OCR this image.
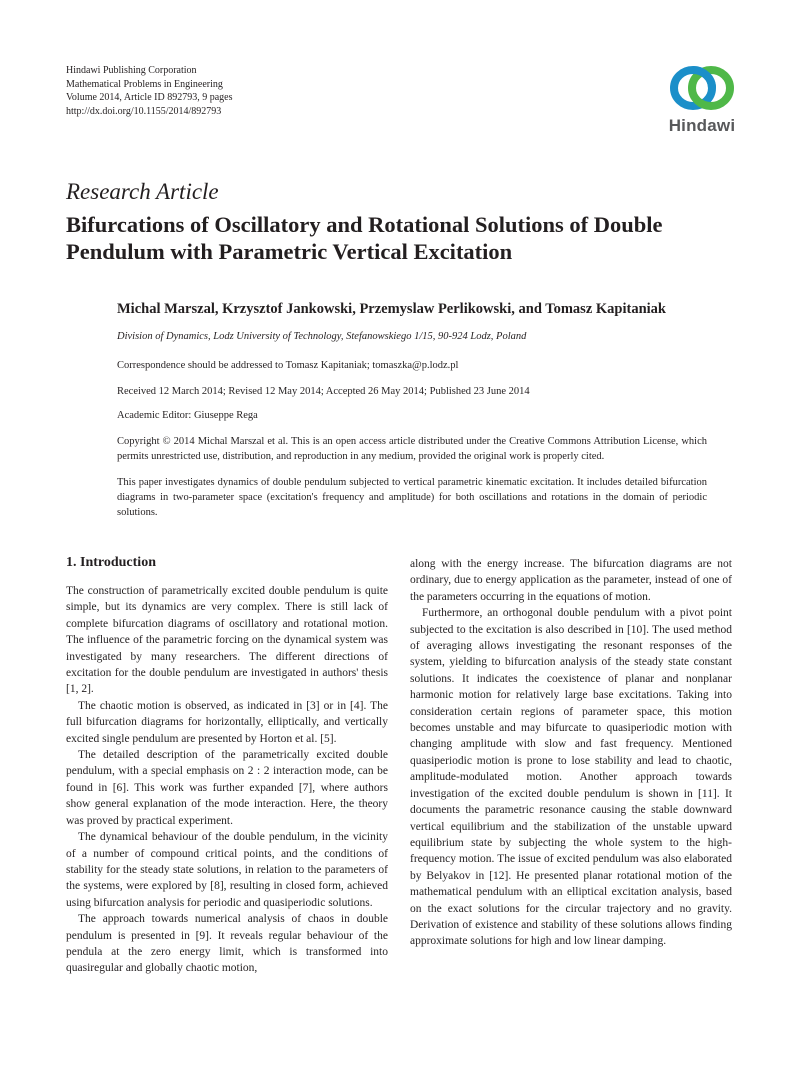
Hindawi Publishing Corporation
Mathematical Problems in Engineering
Volume 2014, Article ID 892793, 9 pages
http://dx.doi.org/10.1155/2014/892793
Hindawi
Research Article
Bifurcations of Oscillatory and Rotational Solutions of Double Pendulum with Parametric Vertical Excitation
Michal Marszal, Krzysztof Jankowski, Przemyslaw Perlikowski, and Tomasz Kapitaniak
Division of Dynamics, Lodz University of Technology, Stefanowskiego 1/15, 90-924 Lodz, Poland
Correspondence should be addressed to Tomasz Kapitaniak; tomaszka@p.lodz.pl
Received 12 March 2014; Revised 12 May 2014; Accepted 26 May 2014; Published 23 June 2014
Academic Editor: Giuseppe Rega
Copyright © 2014 Michal Marszal et al. This is an open access article distributed under the Creative Commons Attribution License, which permits unrestricted use, distribution, and reproduction in any medium, provided the original work is properly cited.
This paper investigates dynamics of double pendulum subjected to vertical parametric kinematic excitation. It includes detailed bifurcation diagrams in two-parameter space (excitation's frequency and amplitude) for both oscillations and rotations in the domain of periodic solutions.
1. Introduction

The construction of parametrically excited double pendulum is quite simple, but its dynamics are very complex. There is still lack of complete bifurcation diagrams of oscillatory and rotational motion. The influence of the parametric forcing on the dynamical system was investigated by many researchers. The different directions of excitation for the double pendulum are investigated in authors' thesis [1, 2].

The chaotic motion is observed, as indicated in [3] or in [4]. The full bifurcation diagrams for horizontally, elliptically, and vertically excited single pendulum are presented by Horton et al. [5].

The detailed description of the parametrically excited double pendulum, with a special emphasis on 2 : 2 interaction mode, can be found in [6]. This work was further expanded [7], where authors show general explanation of the mode interaction. Here, the theory was proved by practical experiment.

The dynamical behaviour of the double pendulum, in the vicinity of a number of compound critical points, and the conditions of stability for the steady state solutions, in relation to the parameters of the systems, were explored by [8], resulting in closed form, achieved using bifurcation analysis for periodic and quasiperiodic solutions.

The approach towards numerical analysis of chaos in double pendulum is presented in [9]. It reveals regular behaviour of the pendula at the zero energy limit, which is transformed into quasiregular and globally chaotic motion,

along with the energy increase. The bifurcation diagrams are not ordinary, due to energy application as the parameter, instead of one of the parameters occurring in the equations of motion.

Furthermore, an orthogonal double pendulum with a pivot point subjected to the excitation is also described in [10]. The used method of averaging allows investigating the resonant responses of the system, yielding to bifurcation analysis of the steady state constant solutions. It indicates the coexistence of planar and nonplanar harmonic motion for relatively large base excitations. Taking into consideration certain regions of parameter space, this motion becomes unstable and may bifurcate to quasiperiodic motion with changing amplitude with slow and fast frequency. Mentioned quasiperiodic motion is prone to lose stability and lead to chaotic, amplitude-modulated motion. Another approach towards investigation of the excited double pendulum is shown in [11]. It documents the parametric resonance causing the stable downward vertical equilibrium and the stabilization of the unstable upward equilibrium state by subjecting the whole system to the high-frequency motion. The issue of excited pendulum was also elaborated by Belyakov in [12]. He presented planar rotational motion of the mathematical pendulum with an elliptical excitation analysis, based on the exact solutions for the circular trajectory and no gravity. Derivation of existence and stability of these solutions allows finding approximate solutions for high and low linear damping.
